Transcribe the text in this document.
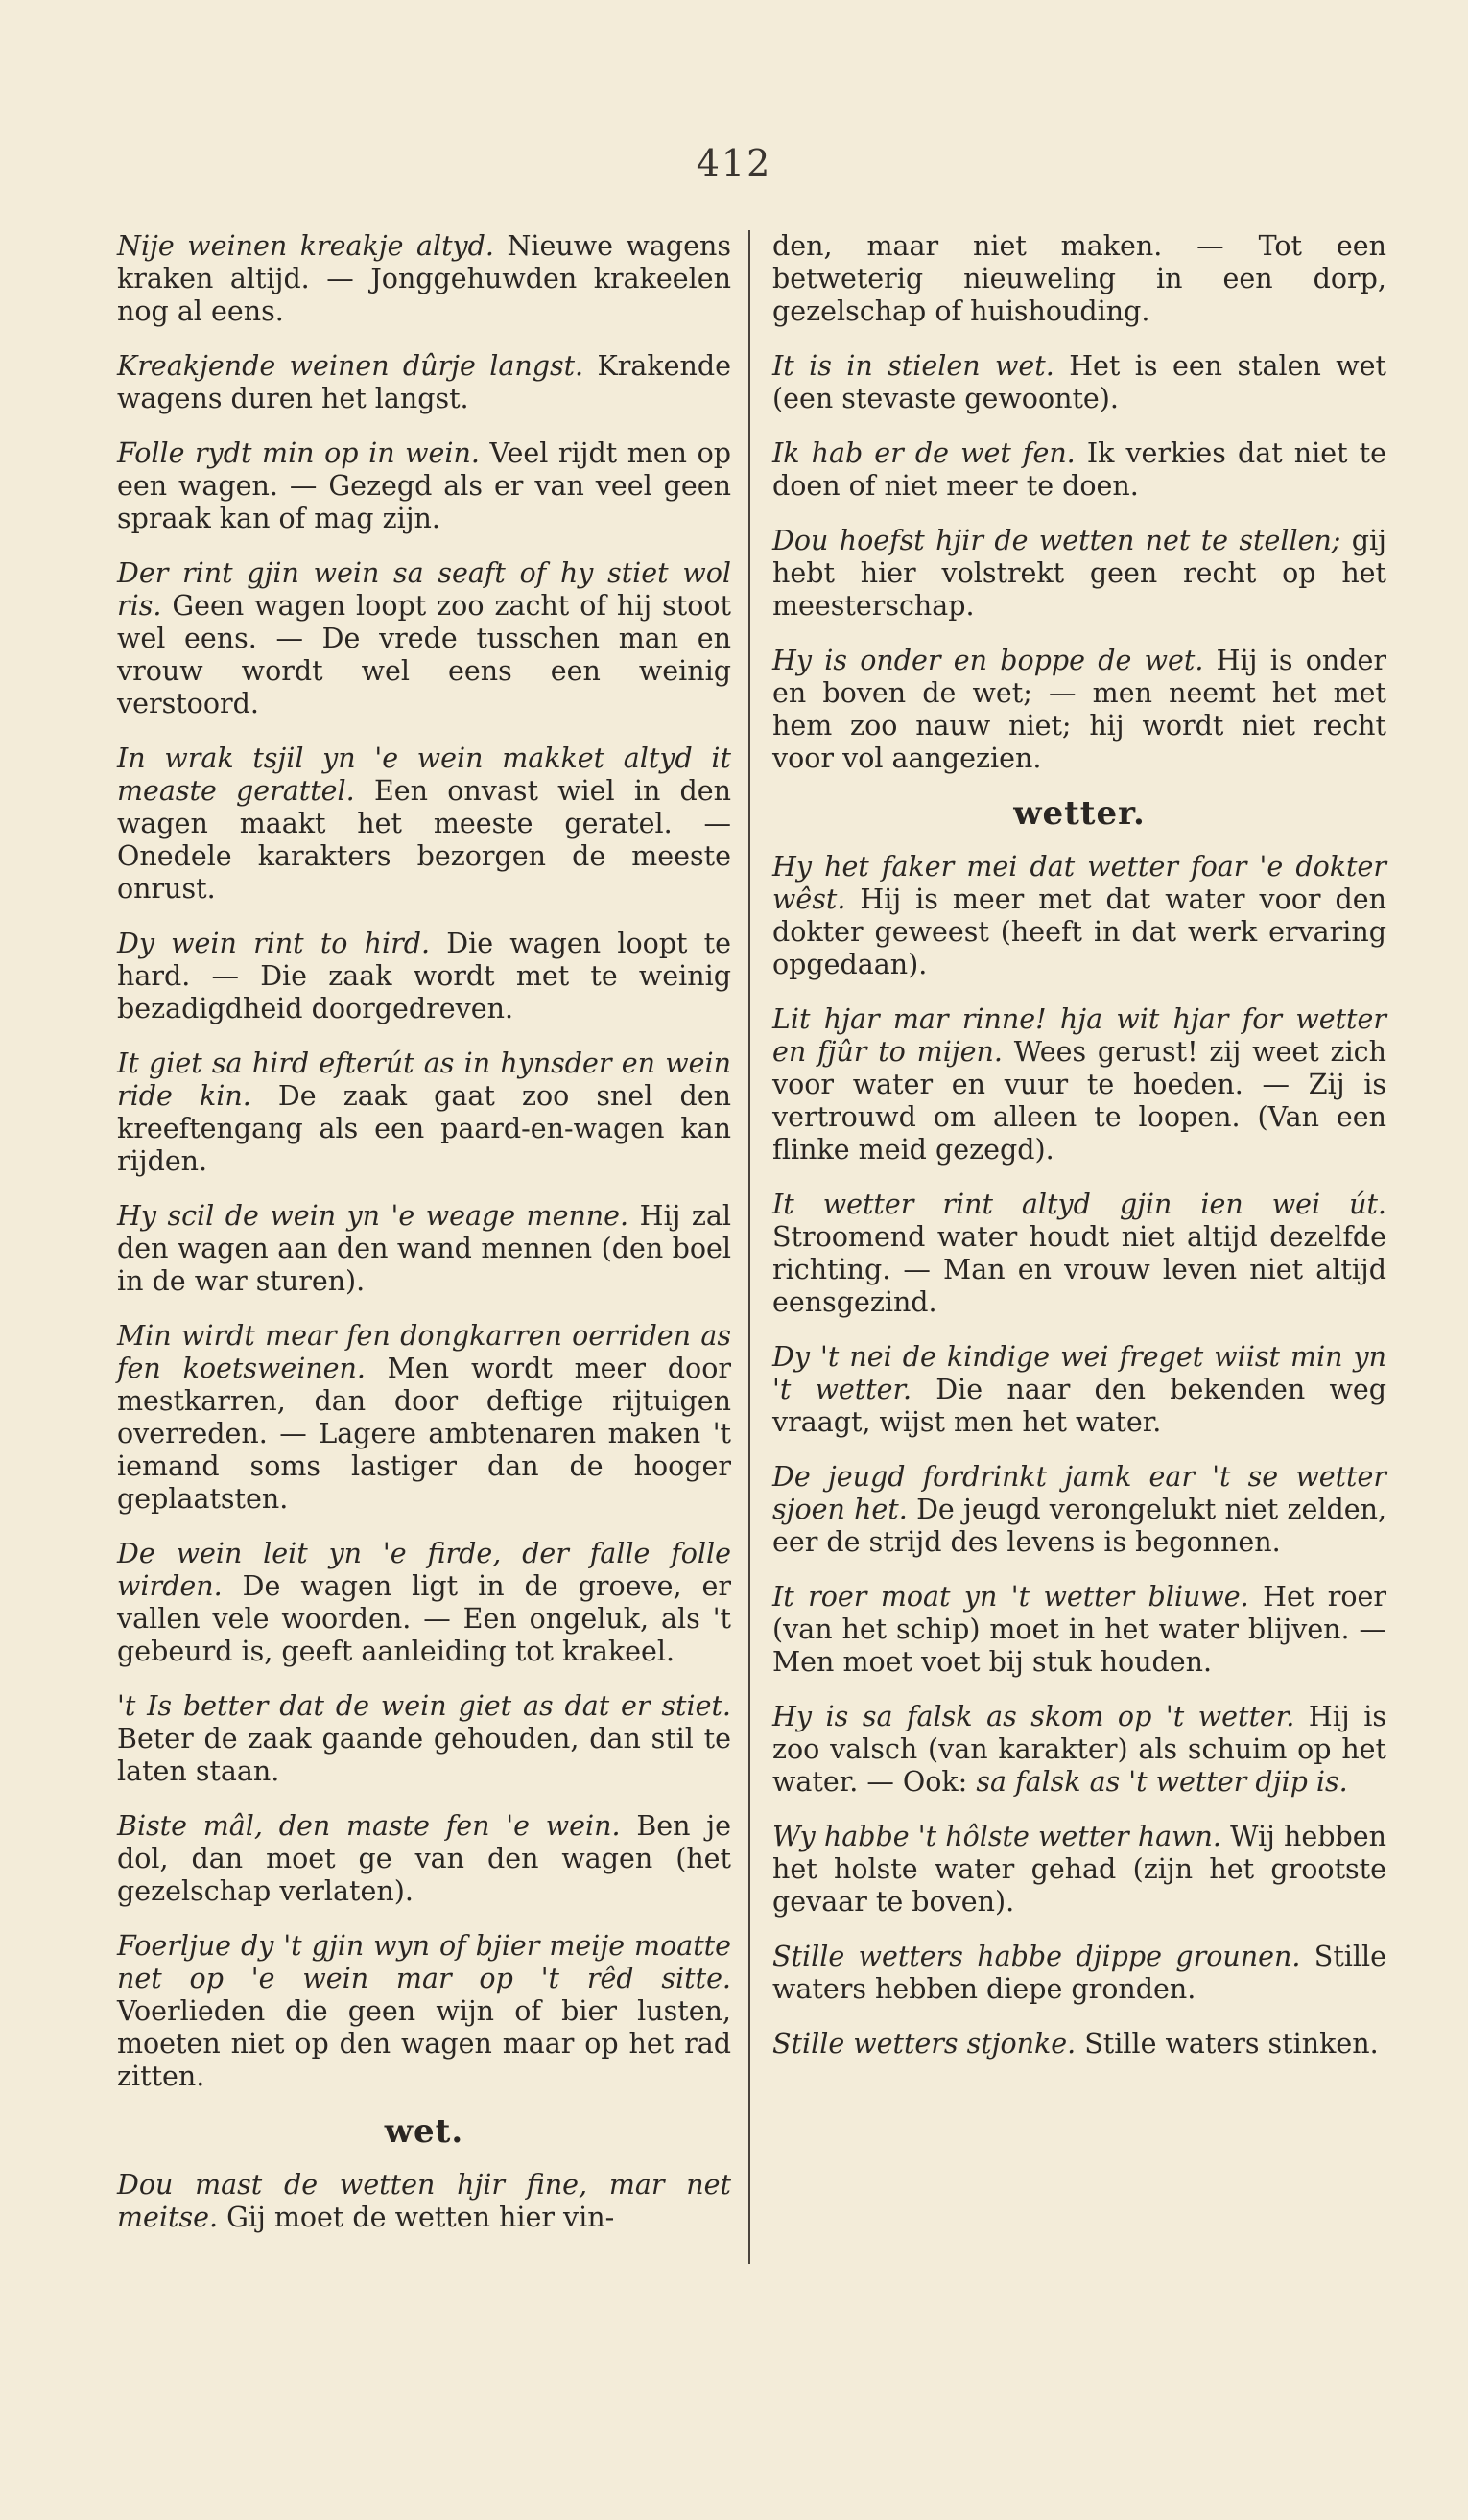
412

Nije weinen kreakje altyd. Nieuwe wagens kraken altijd. — Jonggehuwden krakeelen nog al eens.

Kreakjende weinen dûrje langst. Krakende wagens duren het langst.

Folle rydt min op in wein. Veel rijdt men op een wagen. — Gezegd als er van veel geen spraak kan of mag zijn.

Der rint gjin wein sa seaft of hy stiet wol ris. Geen wagen loopt zoo zacht of hij stoot wel eens. — De vrede tusschen man en vrouw wordt wel eens een weinig verstoord.

In wrak tsjil yn 'e wein makket altyd it measte gerattel. Een onvast wiel in den wagen maakt het meeste geratel. — Onedele karakters bezorgen de meeste onrust.

Dy wein rint to hird. Die wagen loopt te hard. — Die zaak wordt met te weinig bezadigdheid doorgedreven.

It giet sa hird efterút as in hynsder en wein ride kin. De zaak gaat zoo snel den kreeftengang als een paard-en-wagen kan rijden.

Hy scil de wein yn 'e weage menne. Hij zal den wagen aan den wand mennen (den boel in de war sturen).

Min wirdt mear fen dongkarren oerriden as fen koetsweinen. Men wordt meer door mestkarren, dan door deftige rijtuigen overreden. — Lagere ambtenaren maken 't iemand soms lastiger dan de hooger geplaatsten.

De wein leit yn 'e firde, der falle folle wirden. De wagen ligt in de groeve, er vallen vele woorden. — Een ongeluk, als 't gebeurd is, geeft aanleiding tot krakeel.

't Is better dat de wein giet as dat er stiet. Beter de zaak gaande gehouden, dan stil te laten staan.

Biste mâl, den maste fen 'e wein. Ben je dol, dan moet ge van den wagen (het gezelschap verlaten).

Foerljue dy 't gjin wyn of bjier meije moatte net op 'e wein mar op 't rêd sitte. Voerlieden die geen wijn of bier lusten, moeten niet op den wagen maar op het rad zitten.

wet.

Dou mast de wetten hjir fine, mar net meitse. Gij moet de wetten hier vin-

den, maar niet maken. — Tot een betweterig nieuweling in een dorp, gezelschap of huishouding.

It is in stielen wet. Het is een stalen wet (een stevaste gewoonte).

Ik hab er de wet fen. Ik verkies dat niet te doen of niet meer te doen.

Dou hoefst hjir de wetten net te stellen; gij hebt hier volstrekt geen recht op het meesterschap.

Hy is onder en boppe de wet. Hij is onder en boven de wet; — men neemt het met hem zoo nauw niet; hij wordt niet recht voor vol aangezien.

wetter.

Hy het faker mei dat wetter foar 'e dokter wêst. Hij is meer met dat water voor den dokter geweest (heeft in dat werk ervaring opgedaan).

Lit hjar mar rinne! hja wit hjar for wetter en fjûr to mijen. Wees gerust! zij weet zich voor water en vuur te hoeden. — Zij is vertrouwd om alleen te loopen. (Van een flinke meid gezegd).

It wetter rint altyd gjin ien wei út. Stroomend water houdt niet altijd dezelfde richting. — Man en vrouw leven niet altijd eensgezind.

Dy 't nei de kindige wei freget wiist min yn 't wetter. Die naar den bekenden weg vraagt, wijst men het water.

De jeugd fordrinkt jamk ear 't se wetter sjoen het. De jeugd verongelukt niet zelden, eer de strijd des levens is begonnen.

It roer moat yn 't wetter bliuwe. Het roer (van het schip) moet in het water blijven. — Men moet voet bij stuk houden.

Hy is sa falsk as skom op 't wetter. Hij is zoo valsch (van karakter) als schuim op het water. — Ook: sa falsk as 't wetter djip is.

Wy habbe 't hôlste wetter hawn. Wij hebben het holste water gehad (zijn het grootste gevaar te boven).

Stille wetters habbe djippe grounen. Stille waters hebben diepe gronden.

Stille wetters stjonke. Stille waters stinken.
